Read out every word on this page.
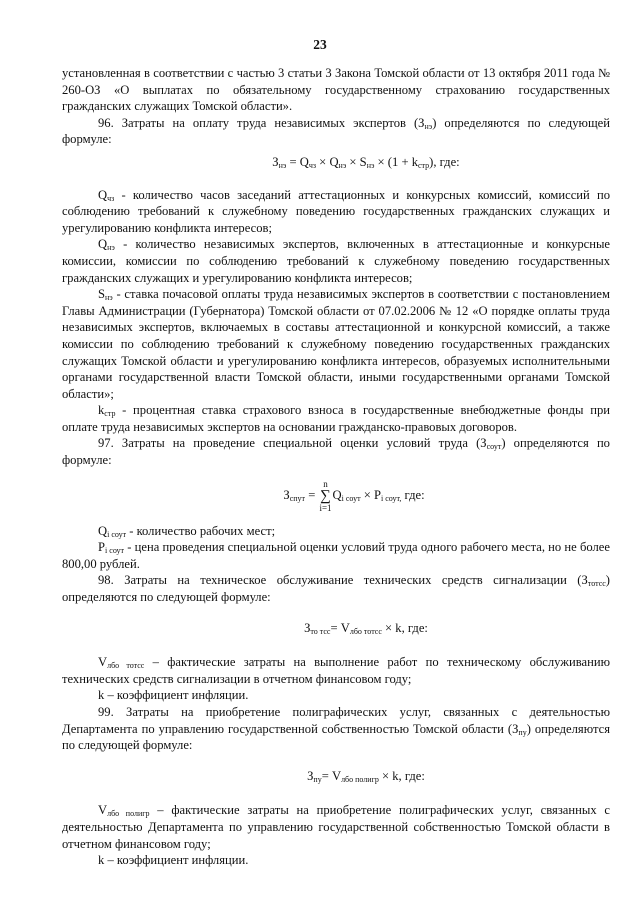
23

установленная в соответствии с частью 3 статьи 3 Закона Томской области от 13 октября 2011 года № 260-ОЗ «О выплатах по обязательному государственному страхованию государственных гражданских служащих Томской области».

96. Затраты на оплату труда независимых экспертов $(З_{нэ})$ определяются по следующей формуле:

$З_{нэ} = Q_{чз} \times Q_{нэ} \times S_{нэ} \times (1 + k_{стр})$, где:

$Q_{чз}$ - количество часов заседаний аттестационных и конкурсных комиссий, комиссий по соблюдению требований к служебному поведению государственных гражданских служащих и урегулированию конфликта интересов;

$Q_{нэ}$ - количество независимых экспертов, включенных в аттестационные и конкурсные комиссии, комиссии по соблюдению требований к служебному поведению государственных гражданских служащих и урегулированию конфликта интересов;

$S_{нэ}$ - ставка почасовой оплаты труда независимых экспертов в соответствии с постановлением Главы Администрации (Губернатора) Томской области от 07.02.2006 № 12 «О порядке оплаты труда независимых экспертов, включаемых в составы аттестационной и конкурсной комиссий, а также комиссии по соблюдению требований к служебному поведению государственных гражданских служащих Томской области и урегулированию конфликта интересов, образуемых исполнительными органами государственной власти Томской области, иными государственными органами Томской области»;

$k_{стр}$ - процентная ставка страхового взноса в государственные внебюджетные фонды при оплате труда независимых экспертов на основании гражданско-правовых договоров.

97. Затраты на проведение специальной оценки условий труда $(З_{соут})$ определяются по формуле:

$З_{спут} = n$
∑
$i=1Q_{i соут} \times P_{i соут,}$ где:

$Q_{i соут}$ - количество рабочих мест;

$P_{i соут}$ - цена проведения специальной оценки условий труда одного рабочего места, но не более 800,00 рублей.

98. Затраты на техническое обслуживание технических средств сигнализации $(З_{тотсс})$ определяются по следующей формуле:

$З_{то тсс}= V_{лбо тотсс} \times k$, где:

$V_{лбо тотсс}$ – фактические затраты на выполнение работ по техническому обслуживанию технических средств сигнализации в отчетном финансовом году;

k – коэффициент инфляции.

99. Затраты на приобретение полиграфических услуг, связанных с деятельностью Департамента по управлению государственной собственностью Томской области $(З_{пу})$ определяются по следующей формуле:

$З_{пу}= V_{лбо полигр} \times k$, где:

$V_{лбо полигр}$ – фактические затраты на приобретение полиграфических услуг, связанных с деятельностью Департамента по управлению государственной собственностью Томской области в отчетном финансовом году;

k – коэффициент инфляции.
